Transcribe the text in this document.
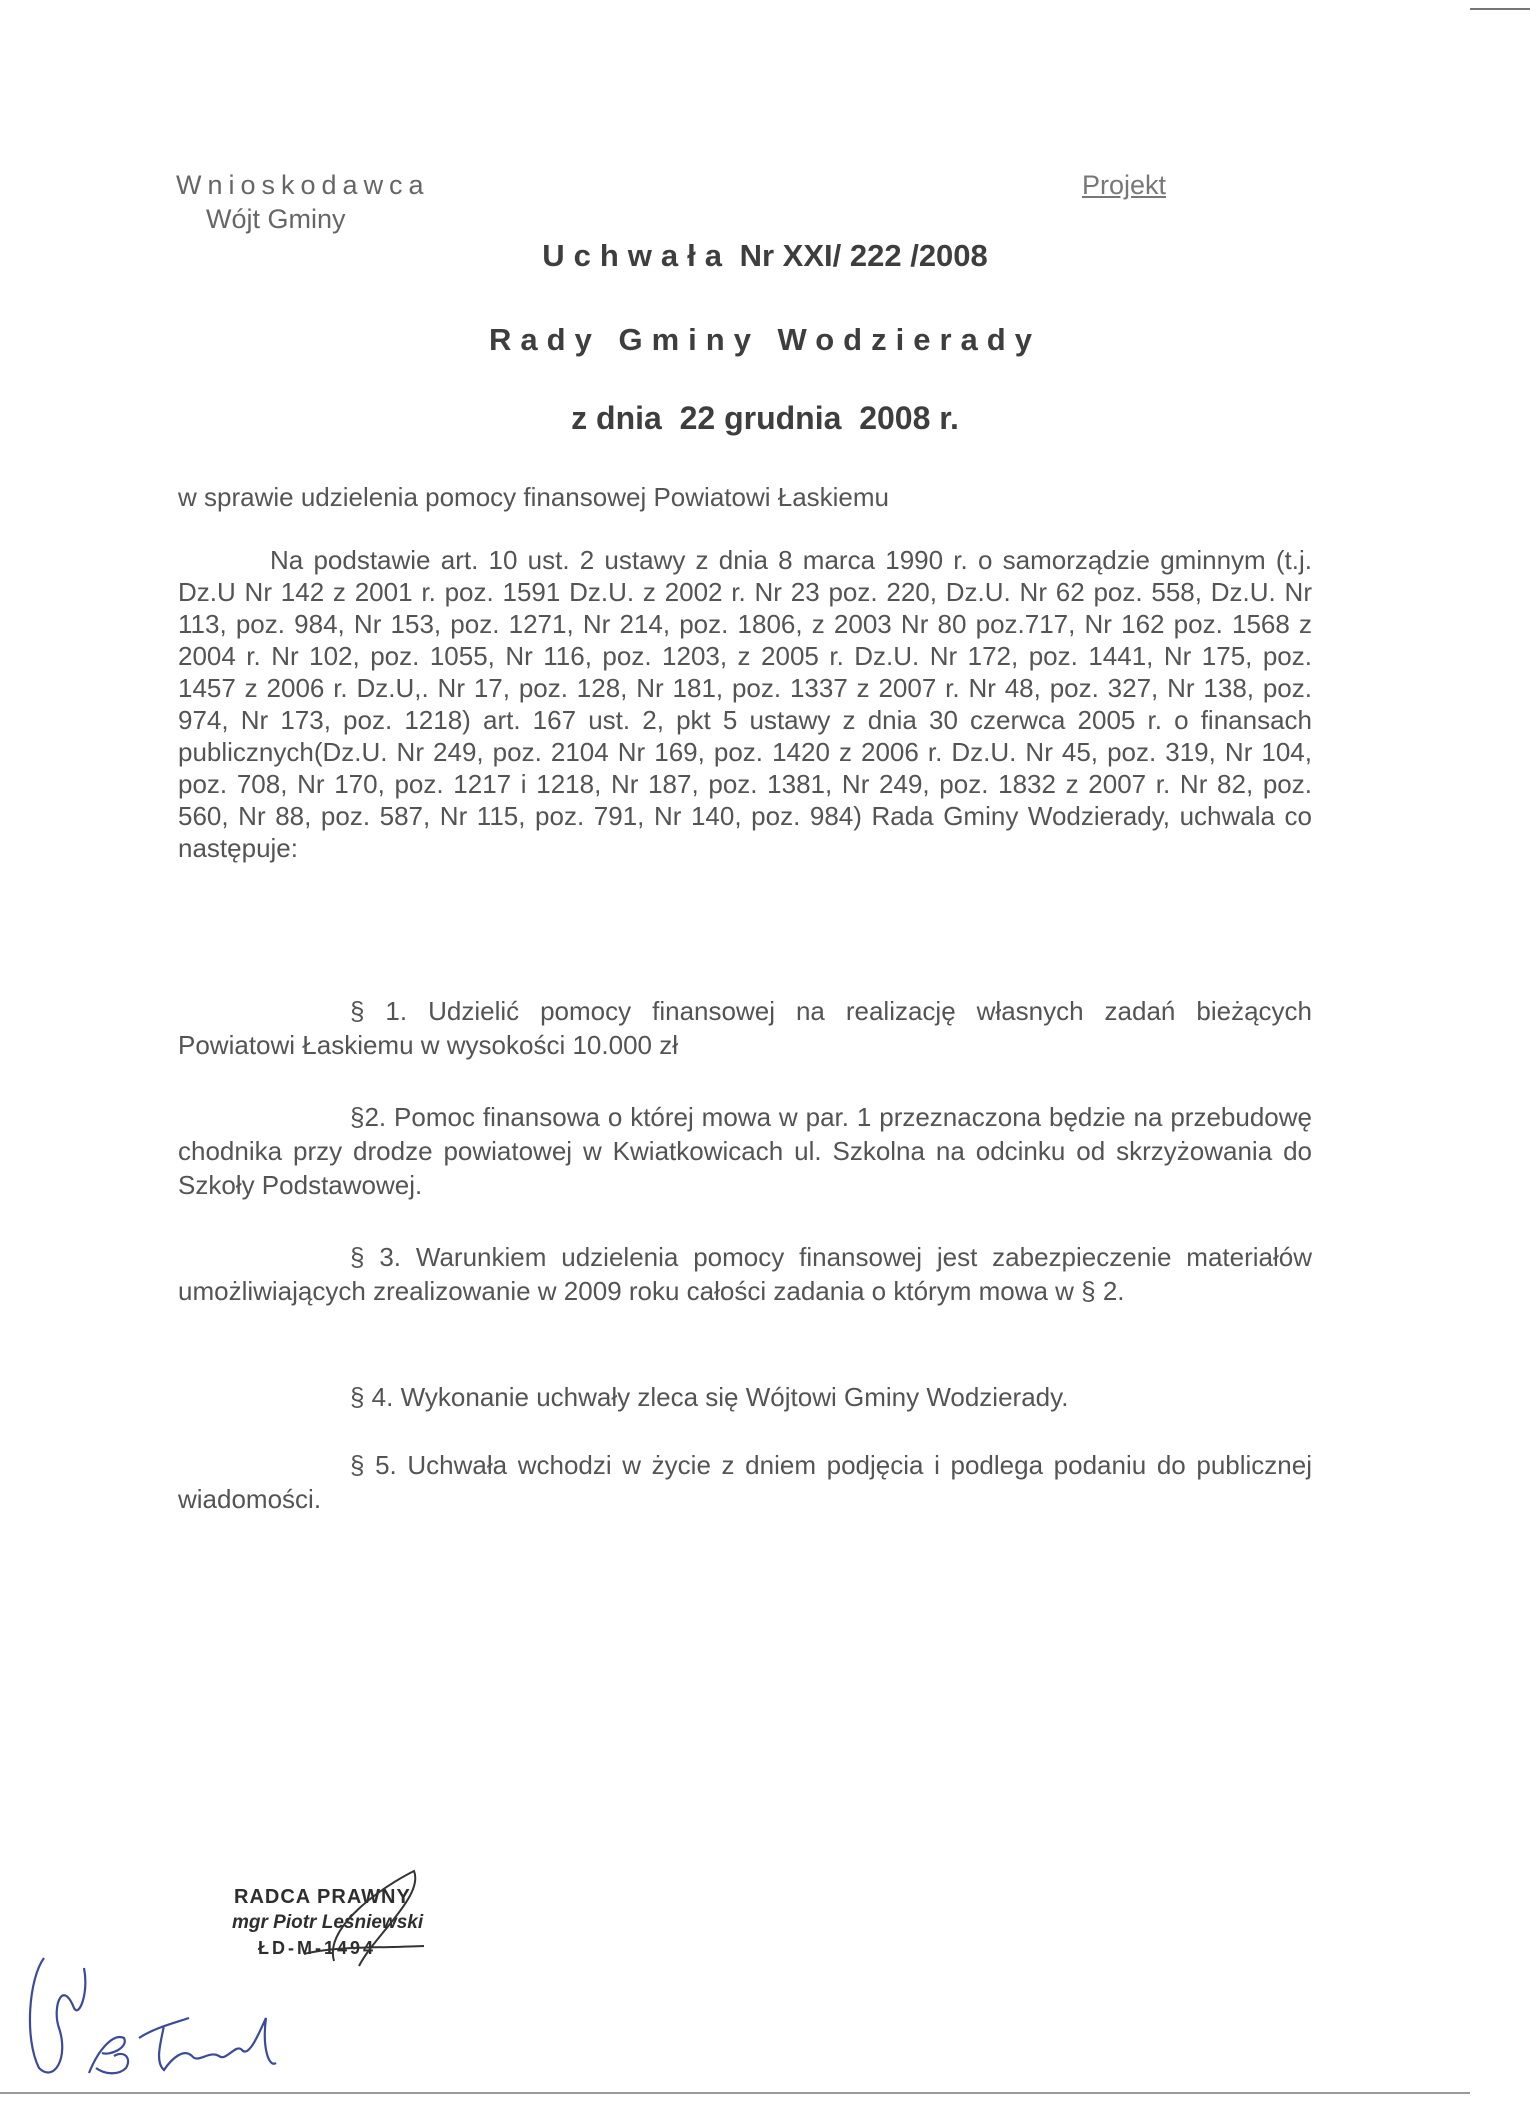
Wnioskodawca
Wójt Gminy
Projekt
Uchwała Nr XXI/ 222 /2008
Rady Gminy Wodzierady
z dnia  22 grudnia  2008 r.
w sprawie udzielenia pomocy finansowej Powiatowi Łaskiemu
Na podstawie art. 10 ust. 2 ustawy z dnia 8 marca 1990 r. o samorządzie gminnym (t.j. Dz.U Nr 142 z 2001 r. poz. 1591 Dz.U. z 2002 r. Nr 23 poz. 220, Dz.U. Nr 62 poz. 558, Dz.U. Nr 113, poz. 984, Nr 153, poz. 1271, Nr 214, poz. 1806, z 2003 Nr 80 poz.717, Nr 162 poz. 1568 z 2004 r. Nr 102, poz. 1055, Nr 116, poz. 1203, z 2005 r. Dz.U. Nr 172, poz. 1441, Nr 175, poz. 1457 z 2006 r. Dz.U,. Nr 17, poz. 128, Nr 181, poz. 1337 z 2007 r. Nr 48, poz. 327, Nr 138, poz. 974, Nr 173, poz. 1218) art. 167 ust. 2, pkt 5 ustawy z dnia 30 czerwca 2005 r. o finansach publicznych(Dz.U. Nr 249, poz. 2104 Nr 169, poz. 1420 z 2006 r. Dz.U. Nr 45, poz. 319, Nr 104, poz. 708, Nr 170, poz. 1217 i 1218, Nr 187, poz. 1381, Nr 249, poz. 1832 z 2007 r. Nr 82, poz. 560, Nr 88, poz. 587, Nr 115, poz. 791, Nr 140, poz. 984) Rada Gminy Wodzierady, uchwala co następuje:
§ 1. Udzielić pomocy finansowej na realizację własnych zadań bieżących Powiatowi Łaskiemu w wysokości 10.000 zł
§2. Pomoc finansowa o której mowa w par. 1 przeznaczona będzie na przebudowę chodnika przy drodze powiatowej w Kwiatkowicach ul. Szkolna na odcinku od skrzyżowania do Szkoły Podstawowej.
§ 3. Warunkiem udzielenia pomocy finansowej jest zabezpieczenie materiałów umożliwiających zrealizowanie w 2009 roku całości zadania o którym mowa w § 2.
§ 4. Wykonanie uchwały zleca się Wójtowi Gminy Wodzierady.
§ 5. Uchwała wchodzi w życie z dniem podjęcia i podlega podaniu do publicznej wiadomości.
RADCA PRAWNY
mgr Piotr Leśniewski
ŁD-M-1494
